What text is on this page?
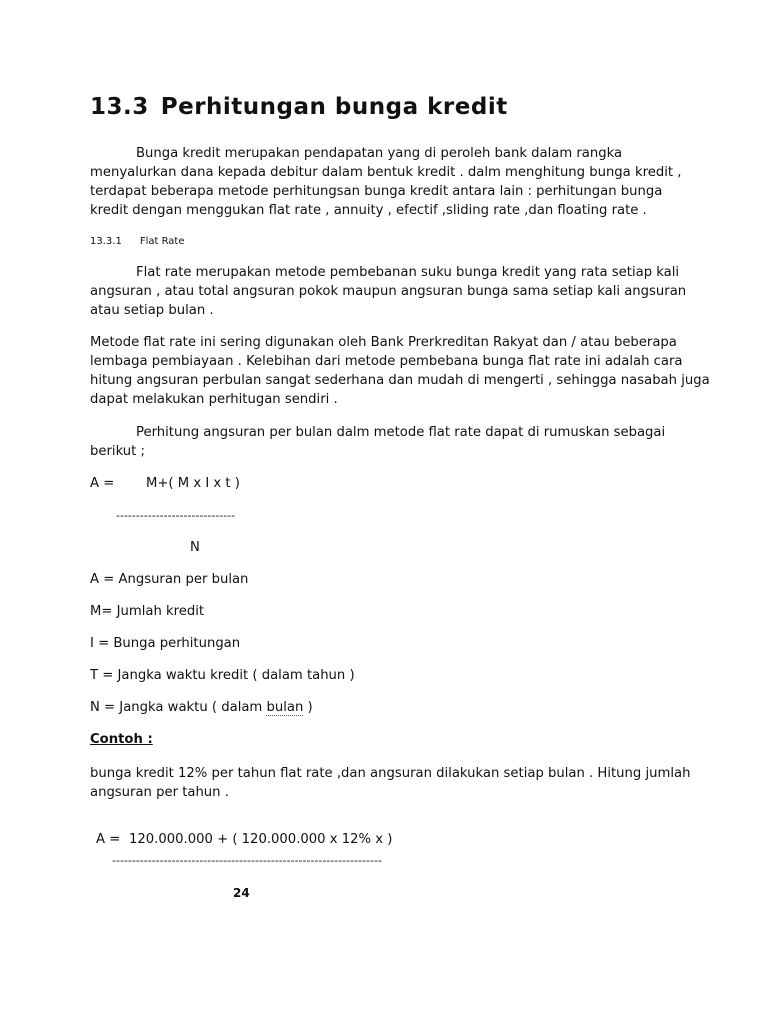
13.3 Perhitungan bunga kredit
Bunga kredit merupakan pendapatan yang di peroleh bank dalam rangka
menyalurkan dana kepada debitur dalam bentuk kredit . dalm menghitung bunga kredit ,
terdapat beberapa metode perhitungsan bunga kredit antara lain : perhitungan bunga
kredit dengan menggukan flat rate , annuity , efectif ,sliding rate ,dan floating rate .
13.3.1 Flat Rate
Flat rate merupakan metode pembebanan suku bunga kredit yang rata setiap kali
angsuran , atau total angsuran pokok maupun angsuran bunga sama setiap kali angsuran
atau setiap bulan .
Metode flat rate ini sering digunakan oleh Bank Prerkreditan Rakyat dan / atau beberapa
lembaga pembiayaan . Kelebihan dari metode pembebana bunga flat rate ini adalah cara
hitung angsuran perbulan sangat sederhana dan mudah di mengerti , sehingga nasabah juga
dapat melakukan perhitugan sendiri .
Perhitung angsuran per bulan dalm metode flat rate dapat di rumuskan sebagai
berikut ;
A = M+( M x I x t )
------------------------------
N
A = Angsuran per bulan
M= Jumlah kredit
I = Bunga perhitungan
T = Jangka waktu kredit ( dalam tahun )
N = Jangka waktu ( dalam bulan )
Contoh :
bunga kredit 12% per tahun flat rate ,dan angsuran dilakukan setiap bulan . Hitung jumlah
angsuran per tahun .
A = 120.000.000 + ( 120.000.000 x 12% x )
--------------------------------------------------------------------
24
